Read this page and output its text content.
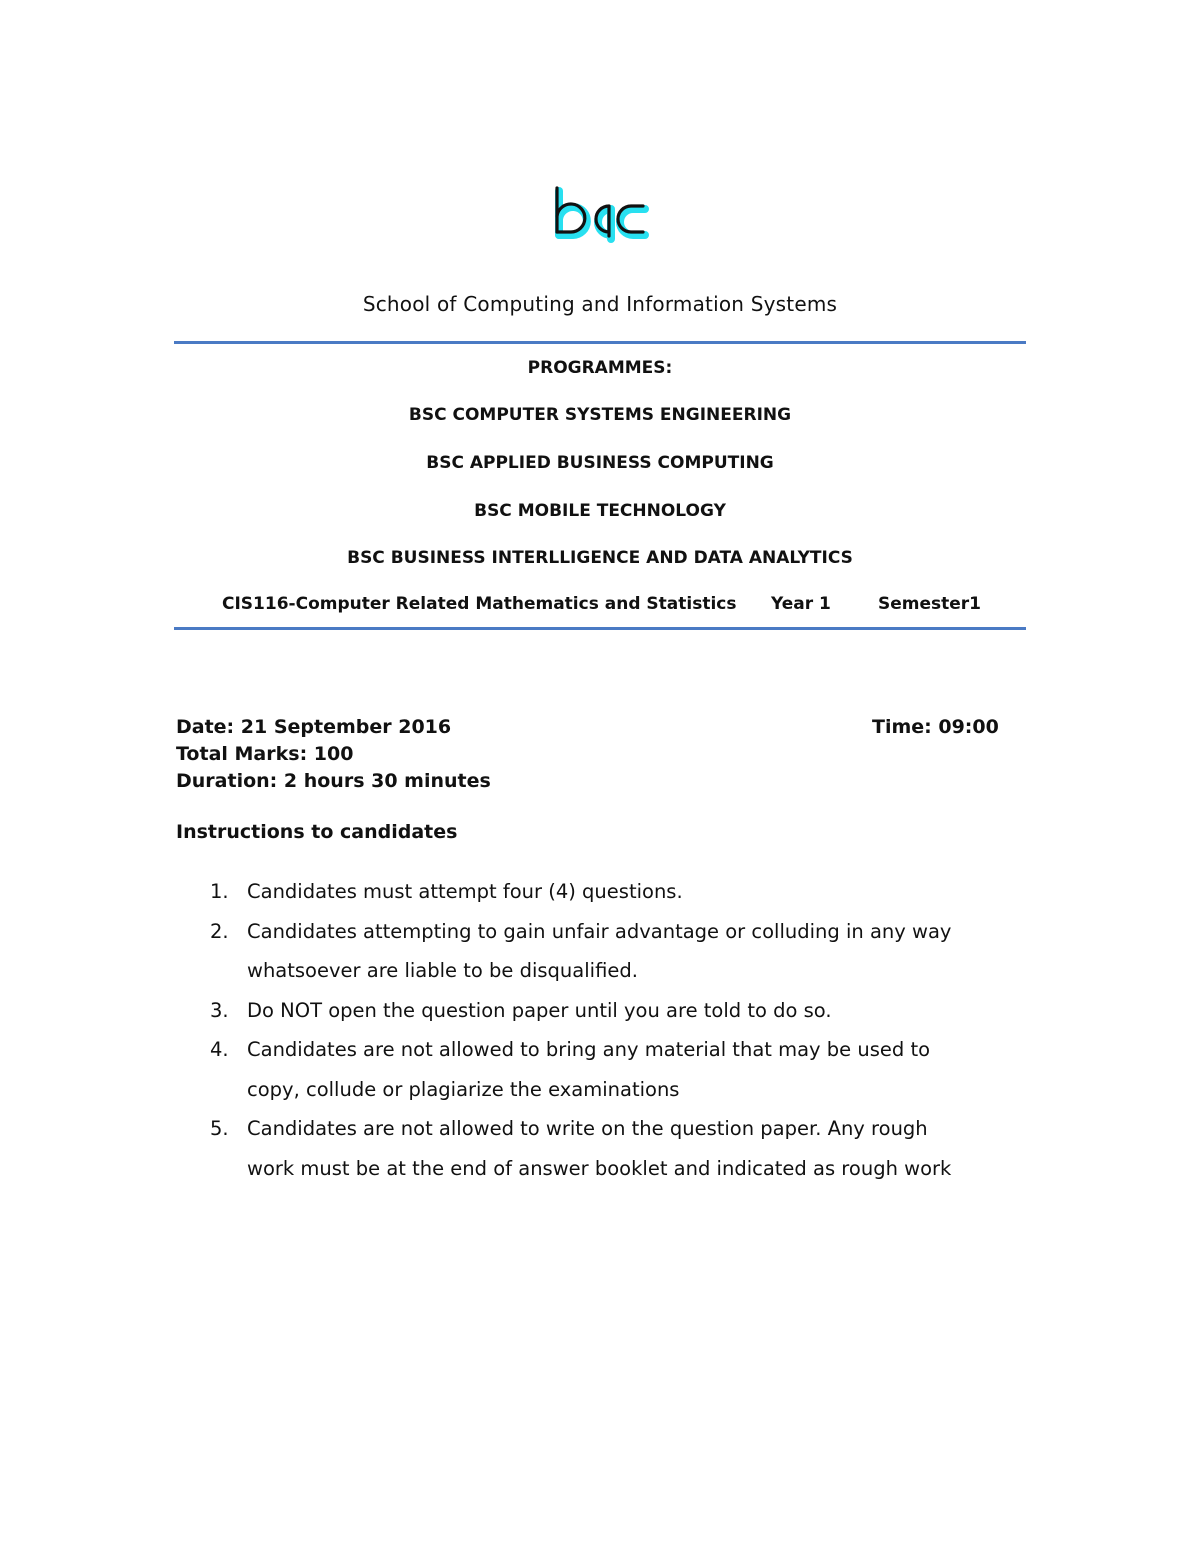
School of Computing and Information Systems
PROGRAMMES:
BSC COMPUTER SYSTEMS ENGINEERING
BSC APPLIED BUSINESS COMPUTING
BSC MOBILE TECHNOLOGY
BSC BUSINESS INTERLLIGENCE AND DATA ANALYTICS
CIS116-Computer Related Mathematics and Statistics Year 1	Semester1
Date: 21 September 2016	Time: 09:00
Total Marks: 100
Duration: 2 hours 30 minutes
Instructions to candidates
1. Candidates must attempt four (4) questions.
2. Candidates attempting to gain unfair advantage or colluding in any way
whatsoever are liable to be disqualified.
3. Do NOT open the question paper until you are told to do so.
4. Candidates are not allowed to bring any material that may be used to
copy, collude or plagiarize the examinations
5. Candidates are not allowed to write on the question paper. Any rough
work must be at the end of answer booklet and indicated as rough work
